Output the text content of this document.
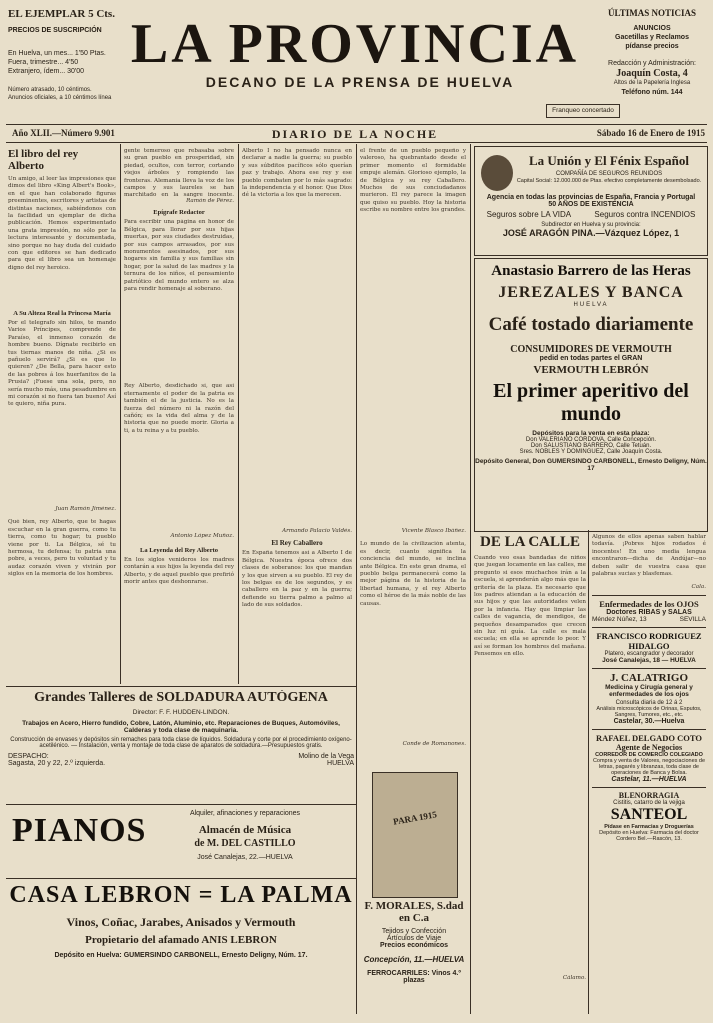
EL EJEMPLAR 5 Cts.
PRECIOS DE SUSCRIPCIÓN
En Huelva, un mes... 1'50 Ptas.
Fuera, trimestre... 4'50
Extranjero, ídem... 30'00
Número atrasado, 10 céntimos. Anuncios oficiales, a 10 céntimos línea
LA PROVINCIA
DECANO DE LA PRENSA DE HUELVA
Franqueo concertado
ÚLTIMAS NOTICIAS
ANUNCIOS
Gacetillas y Reclamos
pídanse precios
Redacción y Administración:
Joaquín Costa, 4
Altos de la Papelería Inglesa
Teléfono núm. 144
Año XLII.—Número 9.901	DIARIO DE LA NOCHE	Sábado 16 de Enero de 1915
El libro del rey Alberto
Un amigo, al leer las impresiones que dimos del libro «King Albert's Book», en el que han colaborado figuras preeminentes, escritores y artistas de distintas naciones, sabiéndonos con la facilidad un ejemplar de dicha publicación. Hemos experimentado una grata impresión, no sólo por la lectura interesante y documentada, sino porque no hay duda del cuidado con que editores se han dedicado para que el libro sea un homenaje digno del rey heroico.
A Su Alteza Real la Princesa María
Por el telegrafo sin hilos, te mando Varios Príncipes, comprende de Paraíso, el inmenso corazón de hombre bueno. Dígnate recibirlo en tus tiernas manos de niña. ¿Si es pañuelo servirá? ¿Si es que lo quieren? ¿De Bella, para hacer esto de las pobres á los huerfanitos de la Prusia? ¡Fuese una sola, pero, no sería mucho más, una pesadumbre en mi corazón si no fuera tan bueno! Así te quiero, niña pura.
Juan Ramón Jiménez.
Qué bien, rey Alberto, que te hagas escuchar en la gran guerra, como tu tierra, como tu hogar; tu pueblo viene por ti. La Bélgica, sé tu hermosa, tu defensa; tu patria una pobre, a veces, pero tu voluntad y tu audaz corazón viven y vivirán por siglos en la memoria de los hombres.
gente temeroso que rebasaba sobre su gran pueblo en prosperidad, sin piedad, ocultos, con terror, cortando viejos árboles y rompiendo las fronteras. Alemania lleva la voz de los campos y sus laureles se han marchitado en la sangre inocente.
Ramón de Pérez.
Epígrafe Redactor
Para escribir una página en honor de Bélgica, para llorar por sus hijas muertas, por sus ciudades destruidas, por sus campos arrasados, por sus monumentos asesinados, por sus hogares sin familia y sus familias sin hogar, por la salud de las madres y la ternura de los niños, el pensamiento patriótico del mundo entero se alza para rendir homenaje al soberano.
Rey Alberto, desdichado sí, que así eternamente el poder de la patria es también el de la justicia. No es la fuerza del número ni la razón del cañón; es la vida del alma y de la historia que no puede morir. Gloria a ti, a tu reina y a tu pueblo.
Antonio López Muñoz.
La Leyenda del Rey Alberto
En los siglos venideros los madres contarán a sus hijos la leyenda del rey Alberto, y de aquel pueblo que prefirió morir antes que deshonrarse.
Alberto I no ha pensado nunca en declarar a nadie la guerra; su pueblo y sus súbditos pacíficos sólo querían paz y trabajo. Ahora ese rey y ese pueblo combaten por lo más sagrado: la independencia y el honor. Que Dios dé la victoria a los que la merecen.
Armando Palacio Valdés.
El Rey Caballero
En España tenemos así a Alberto I de Bélgica. Nuestra época ofrece dos clases de soberanos: los que mandan y los que sirven a su pueblo. El rey de los belgas es de los segundos, y es caballero en la paz y en la guerra; defiende su tierra palmo a palmo al lado de sus soldados.
el frente de un pueblo pequeño y valeroso, ha quebrantado desde el primer momento el formidable empuje alemán. Glorioso ejemplo, la de Bélgica y su rey Caballero. Muchos de sus conciudadanos murieron. El rey parece la imagen que quiso su pueblo. Hoy la historia escribe su nombre entre los grandes.
Vicente Blasco Ibáñez.
Lo mundo de la civilización atenta, es decir, cuanto significa la conciencia del mundo, se inclina ante Bélgica. En este gran drama, el pueblo belga permanecerá como la mejor página de la historia de la libertad humana, y el rey Alberto como el héroe de la más noble de las causas.
Conde de Romanones.
Grandes Talleres de SOLDADURA AUTÓGENA
Director: F. F. HUDDEN-LINDON.
Trabajos en Acero, Hierro fundido, Cobre, Latón, Aluminio, etc. Reparaciones de Buques, Automóviles, Calderas y toda clase de maquinaria.
Construcción de envases y depósitos sin remaches para toda clase de líquidos. Soldadura y corte por el procedimiento oxígeno-acetilénico. — Instalación, venta y montaje de toda clase de aparatos de soldadura.—Presupuestos gratis.
DESPACHO:	Molino de la Vega
Sagasta, 20 y 22, 2.º izquierda.	HUELVA
PIANOS	Alquiler, afinaciones y reparaciones
Almacén de Música
de M. DEL CASTILLO
José Canalejas, 22.—HUELVA
CASA LEBRON = LA PALMA
Vinos, Coñac, Jarabes, Anisados y Vermouth
Propietario del afamado ANIS LEBRON
Depósito en Huelva: GUMERSINDO CARBONELL, Ernesto Deligny, Núm. 17.
PARA 1915
F. MORALES, S.dad en C.a
Tejidos y Confección
Artículos de Viaje
Precios económicos
Concepción, 11.—HUELVA
FERROCARRILES: Vinos 4.º plazas
La Unión y El Fénix Español
COMPAÑÍA DE SEGUROS REUNIDOS
Capital Social: 12.000.000 de Ptas. efectivo completamente desembolsado.
Agencia en todas las provincias de España, Francia y Portugal
50 AÑOS DE EXISTENCIA
Seguros sobre LA VIDA	Seguros contra INCENDIOS
Subdirector en Huelva y su provincia:
JOSÉ ARAGÓN PINA.—Vázquez López, 1
Anastasio Barrero de las Heras
JEREZALES Y BANCA
HUELVA
Café tostado diariamente
CONSUMIDORES DE VERMOUTH
pedid en todas partes el GRAN
VERMOUTH LEBRÓN
El primer aperitivo del mundo
Depósitos para la venta en esta plaza:
Don VALERIANO CORDOVA, Calle Concepción.
Don SALUSTIANO BARRERO, Calle Tetuán.
Sres. NOBLES Y DOMINGUEZ, Calle Joaquín Costa.
Depósito General, Don GUMERSINDO CARBONELL, Ernesto Deligny, Núm. 17
DE LA CALLE
Cuando veo esas bandadas de niños que juegan locamente en las calles, me pregunto si esos muchachos irán a la escuela, si aprenderán algo más que la gritería de la plaza. Es necesario que los padres atiendan a la educación de sus hijos y que las autoridades velen por la infancia. Hay que limpiar las calles de vagancia, de mendigos, de pequeños desamparados que crecen sin luz ni guía. La calle es mala escuela; en ella se aprende lo peor. Y así se forman los hombres del mañana. Pensemos en ello.
Cálamo.
Algunos de ellos apenas saben hablar todavía. ¡Pobres hijos rodados é inocentes! En uno media lengua encontraron—dicha de Andújar—no deben salir de vuestra casa que palabras sucias y blasfemas.
Cala.
Enfermedades de los OJOS
Doctores RIBAS y SALAS
Méndez Núñez, 13	SEVILLA
FRANCISCO RODRIGUEZ HIDALGO
Platero, escangrador y decorador
José Canalejas, 18 — HUELVA
J. CALATRIGO
Medicina y Cirugía general y enfermedades de los ojos
Consulta diaria de 12 á 2
Análisis microscópicos de Orinas, Esputos, Sangres, Tumores, etc., etc.
Castelar, 30.—Huelva
RAFAEL DELGADO COTO
Agente de Negocios
CORREDOR DE COMERCIO COLEGIADO
Compra y venta de Valores, negociaciones de letras, pagarés y libranzas, toda clase de operaciones de Banca y Bolsa.
Castelar, 11.—HUELVA
BLENORRAGIA
Cistitis, catarro de la vejiga
SANTEOL
Pídase en Farmacias y Droguerías
Depósito en Huelva: Farmacia del doctor Cordero Bel.—Rascón, 13.
